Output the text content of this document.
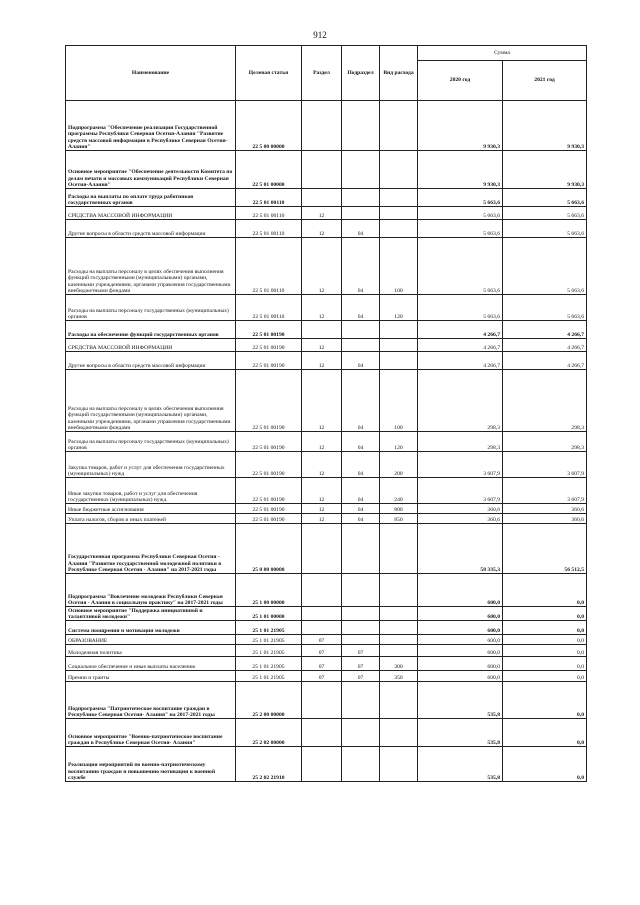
912
Наименование	Целевая статья	Раздел	Подраздел	Вид расхода	Сумма	
					2020 год	2021 год
Подпрограмма "Обеспечение реализации Государственной программы Республики Северная Осетия-Алания "Развитие средств массовой информации в Республике Северная Осетия-Алания"	22 5 00 00000				9 930,3	9 930,3
Основное мероприятие "Обеспечение деятельности Комитета по делам печати и массовых коммуникаций Республики Северная Осетия-Алания"	22 5 01 00000				9 930,3	9 930,3
Расходы на выплаты по оплате труда работников государственных органов	22 5 01 00110				5 663,6	5 663,6
СРЕДСТВА МАССОВОЙ ИНФОРМАЦИИ	22 5 01 00110	12			5 663,6	5 663,6
Другие вопросы в области средств массовой информации	22 5 01 00110	12	04		5 663,6	5 663,6
Расходы на выплаты персоналу в целях обеспечения выполнения функций государственными (муниципальными) органами, казенными учреждениями, органами управления государственными внебюджетными фондами	22 5 01 00110	12	04	100	5 663,6	5 663,6
Расходы на выплаты персоналу государственных (муниципальных) органов	22 5 01 00110	12	04	120	5 663,6	5 663,6
Расходы на обеспечение функций государственных органов	22 5 01 00190				4 266,7	4 266,7
СРЕДСТВА МАССОВОЙ ИНФОРМАЦИИ	22 5 01 00190	12			4 266,7	4 266,7
Другие вопросы в области средств массовой информации	22 5 01 00190	12	04		4 266,7	4 266,7
Расходы на выплаты персоналу в целях обеспечения выполнения функций государственными (муниципальными) органами, казенными учреждениями, органами управления государственными внебюджетными фондами	22 5 01 00190	12	04	100	298,3	298,3
Расходы на выплаты персоналу государственных (муниципальных) органов	22 5 01 00190	12	04	120	298,3	298,3
Закупка товаров, работ и услуг для обеспечения государственных (муниципальных) нужд	22 5 01 00190	12	04	200	3 607,9	3 607,9
Иные закупки товаров, работ и услуг для обеспечения государственных (муниципальных) нужд	22 5 01 00190	12	04	240	3 607,9	3 607,9
Иные бюджетные ассигнования	22 5 01 00190	12	04	800	360,6	360,6
Уплата налогов, сборов и иных платежей	22 5 01 00190	12	04	850	360,6	360,6
Государственная программа Республики Северная Осетия - Алания "Развитие государственной молодежной политики в Республике Северная Осетия - Алания" на 2017-2021 годы	25 0 00 00000				58 335,3	56 512,5
Подпрограмма "Вовлечение молодежи Республики Северная Осетия - Алания в социальную практику" на 2017-2021 годы	25 1 00 00000				600,0	0,0
Основное мероприятие "Поддержка инициативной и талантливой молодежи"	25 1 01 00000				600,0	0,0
Система поощрения и мотивации молодежи	25 1 01 21905				600,0	0,0
ОБРАЗОВАНИЕ	25 1 01 21905	07			600,0	0,0
Молодежная политика	25 1 01 21905	07	07		600,0	0,0
Социальное обеспечение и иные выплаты населению	25 1 01 21905	07	07	300	600,0	0,0
Премии и гранты	25 1 01 21905	07	07	350	600,0	0,0
Подпрограмма "Патриотическое воспитание граждан в Республике Северная Осетия- Алания" на 2017-2021 годы	25 2 00 00000				535,8	0,0
Основное мероприятие "Военно-патриотическое воспитание граждан в Республике Северная Осетия- Алания"	25 2 02 00000				535,8	0,0
Реализация мероприятий по военно-патриотическому воспитанию граждан и повышению мотивации к военной службе	25 2 02 21910				535,8	0,0
